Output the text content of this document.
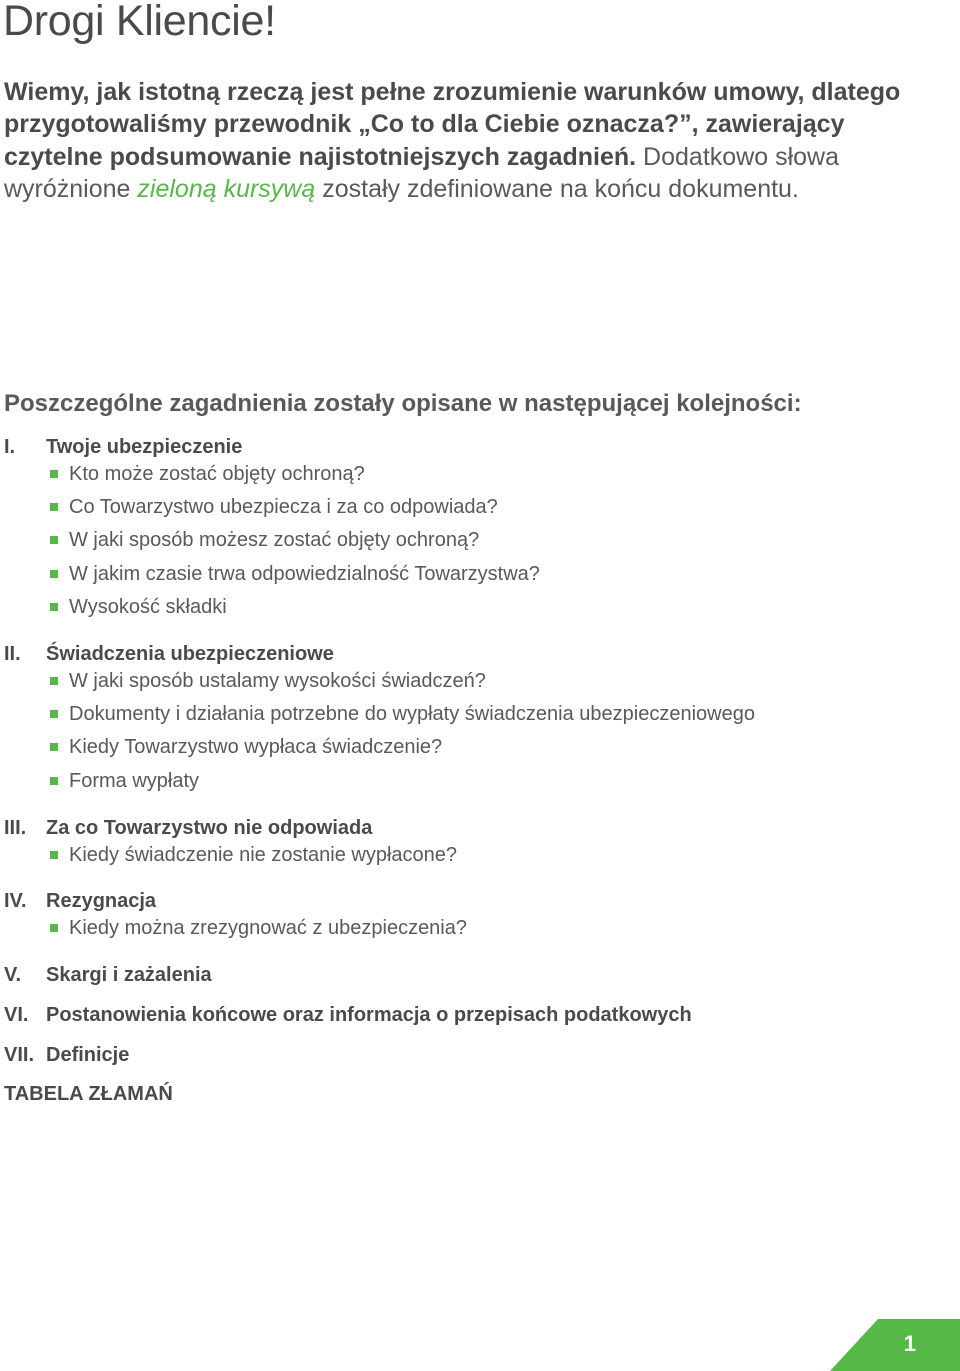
Drogi Kliencie!

Wiemy, jak istotną rzeczą jest pełne zrozumienie warunków umowy, dlatego przygotowaliśmy przewodnik „Co to dla Ciebie oznacza?”, zawierający czytelne podsumowanie najistotniejszych zagadnień. Dodatkowo słowa wyróżnione zieloną kursywą zostały zdefiniowane na końcu dokumentu.

Poszczególne zagadnienia zostały opisane w następującej kolejności:
I. Twoje ubezpieczenie
Kto może zostać objęty ochroną?
Co Towarzystwo ubezpiecza i za co odpowiada?
W jaki sposób możesz zostać objęty ochroną?
W jakim czasie trwa odpowiedzialność Towarzystwa?
Wysokość składki
II. Świadczenia ubezpieczeniowe
W jaki sposób ustalamy wysokości świadczeń?
Dokumenty i działania potrzebne do wypłaty świadczenia ubezpieczeniowego
Kiedy Towarzystwo wypłaca świadczenie?
Forma wypłaty
III. Za co Towarzystwo nie odpowiada
Kiedy świadczenie nie zostanie wypłacone?
IV. Rezygnacja
Kiedy można zrezygnować z ubezpieczenia?
V. Skargi i zażalenia
VI. Postanowienia końcowe oraz informacja o przepisach podatkowych
VII. Definicje
TABELA ZŁAMAŃ
1
